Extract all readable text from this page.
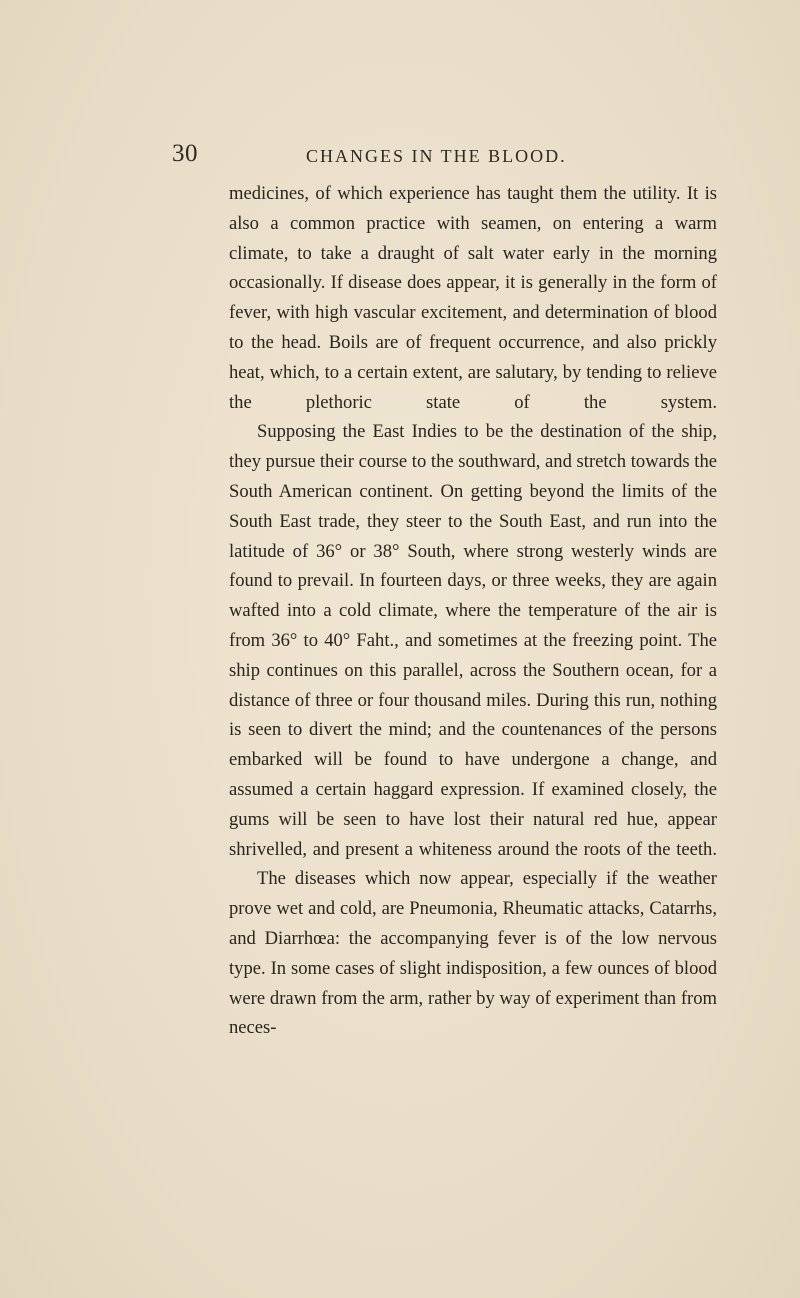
30	CHANGES IN THE BLOOD.

medicines, of which experience has taught them the utility. It is also a common practice with seamen, on entering a warm climate, to take a draught of salt water early in the morning occasionally. If disease does appear, it is generally in the form of fever, with high vascular excitement, and determination of blood to the head. Boils are of frequent occurrence, and also prickly heat, which, to a certain extent, are salutary, by tending to relieve the plethoric state of the system.

Supposing the East Indies to be the destination of the ship, they pursue their course to the southward, and stretch towards the South American continent. On getting beyond the limits of the South East trade, they steer to the South East, and run into the latitude of 36° or 38° South, where strong westerly winds are found to prevail. In fourteen days, or three weeks, they are again wafted into a cold climate, where the temperature of the air is from 36° to 40° Faht., and sometimes at the freezing point. The ship continues on this parallel, across the Southern ocean, for a distance of three or four thousand miles. During this run, nothing is seen to divert the mind; and the countenances of the persons embarked will be found to have undergone a change, and assumed a certain haggard expression. If examined closely, the gums will be seen to have lost their natural red hue, appear shrivelled, and present a whiteness around the roots of the teeth.

The diseases which now appear, especially if the weather prove wet and cold, are Pneumonia, Rheumatic attacks, Catarrhs, and Diarrhœa: the accompanying fever is of the low nervous type. In some cases of slight indisposition, a few ounces of blood were drawn from the arm, rather by way of experiment than from neces-
